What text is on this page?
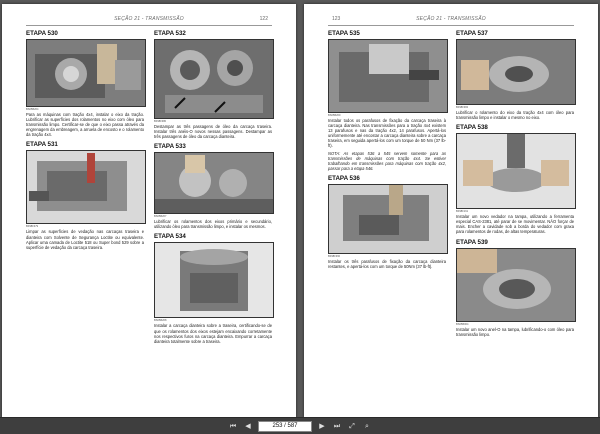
SEÇÃO 21 - TRANSMISSÃO	122
ETAPA 530
BS05B264

Para as máquinas com tração 4x4, instalar o eixo da tração. Lubrificar as superfícies dos rolamentos no eixo com óleo para transmissão limpo. Certificar-se de que o eixo passa através da engrenagem da embreagem, a arruela de encosto e o rolamento da tração 4x4.

ETAPA 531
BF98F379

Limpar as superfícies de vedação nas carcaças traseira e dianteira com Solvente de Segurança Loctite ou equivalente. Aplicar uma camada de Loctite 518 ou Super bond 529 sobre a superfície de vedação da carcaça traseira.

ETAPA 532
BF98F380

Destampar as três passagens de óleo da carcaça traseira. Instalar três anéis-O novos nessas passagens. Destampar as três passagens de óleo da carcaça dianteira.

ETAPA 533
BS05B267

Lubrificar os rolamentos dos eixos primário e secundário, utilizando óleo para transmissão limpo, e instalar os mesmos.

ETAPA 534
BS05B268

Instalar a carcaça dianteira sobre a traseira, certificando-se de que os rolamentos dos eixos estejam encaixando corretamente nos respectivos furos na carcaça dianteira. Empurrar a carcaça dianteira totalmente sobre a traseira.

123	SEÇÃO 21 - TRANSMISSÃO
ETAPA 535
BS05B269

Instalar todos os parafusos de fixação da carcaça traseira à carcaça dianteira. Nas transmissões para a tração 4x4 existem 13 parafusos e nas da tração 4x2, 14 parafusos. Apertá-los uniformemente até encostar a carcaça dianteira sobre a carcaça traseira, em seguida apertá-los com um torque de 50 Nm (37 lb-ft).

NOTA: As etapas 536 a 545 servem somente para as transmissões de máquinas com tração 4x4. Se estiver trabalhando em transmissões para máquinas com tração 4x2, passar para a etapa 546.

ETAPA 536
BF98F360

Instalar os três parafusos de fixação da carcaça dianteira restantes, e apertá-los com um torque de 50Nm (37 lb-ft).

ETAPA 537
BF98F384

Lubrificar o rolamento do eixo da tração 4x4 com óleo para transmissão limpo e instalar o mesmo no eixo.

ETAPA 538
BF98F161

Instalar um novo vedador na tampa, utilizando a ferramenta especial CAS-2381, até parar de se movimentar. NÃO forçar de mais. Encher a cavidade sob a borda do vedador com graxa para rolamentos de rodas, de altas temperaturas.

ETAPA 539
BS05B064

Instalar um novo anel-O na tampa, lubrificando-o com óleo para transmissão limpo.

⏮	◀
253 / 587	▶	⏭	⤢	⌕
